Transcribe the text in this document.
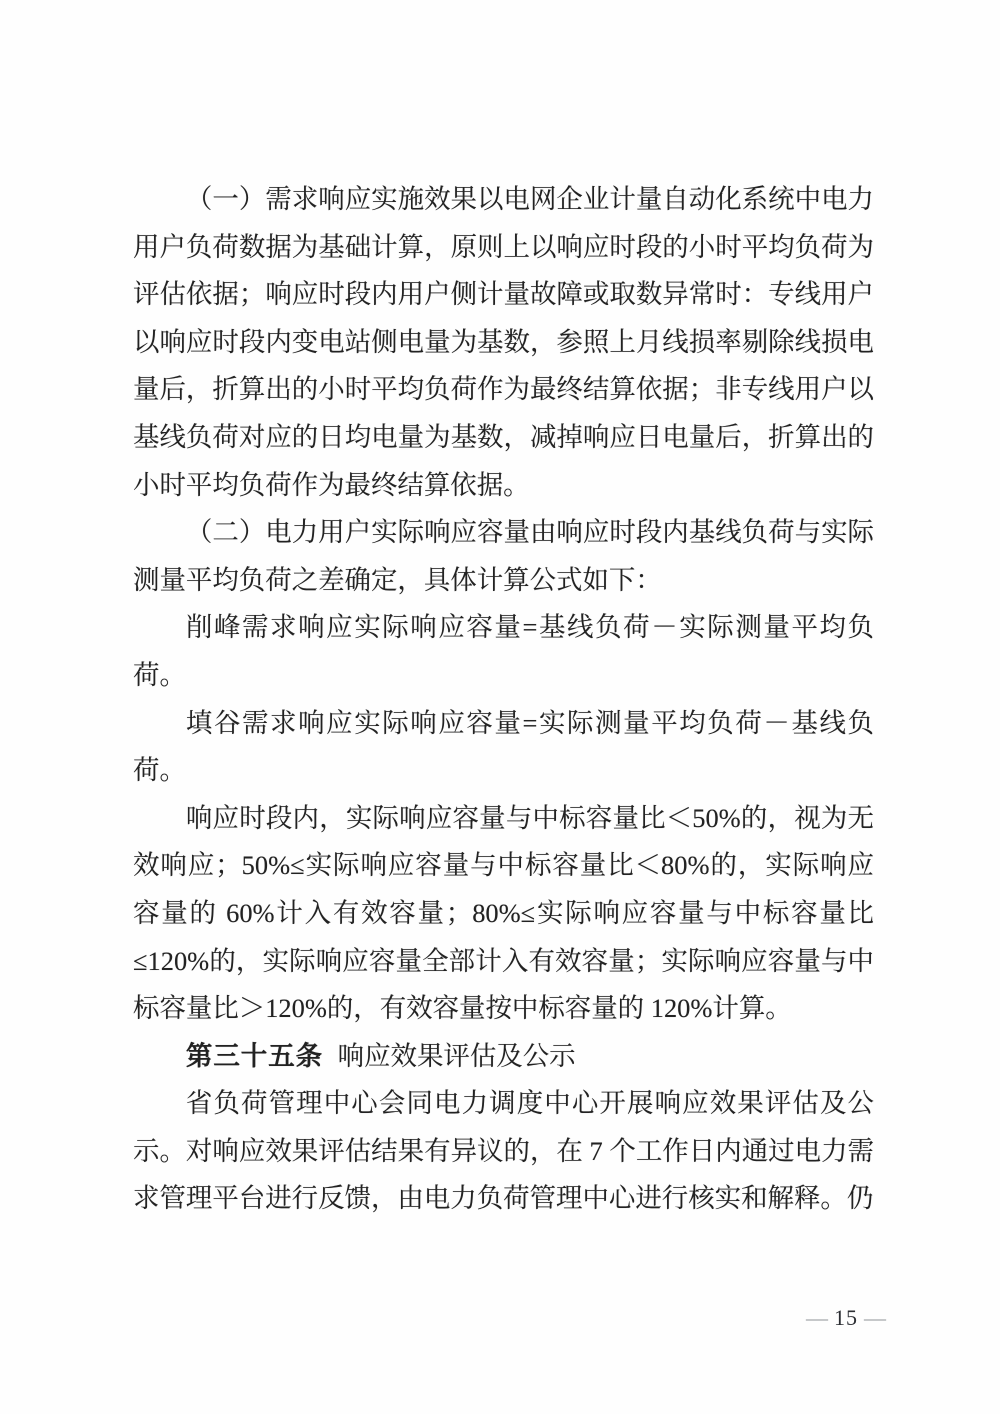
（一）需求响应实施效果以电网企业计量自动化系统中电力用户负荷数据为基础计算，原则上以响应时段的小时平均负荷为评估依据；响应时段内用户侧计量故障或取数异常时：专线用户以响应时段内变电站侧电量为基数，参照上月线损率剔除线损电量后，折算出的小时平均负荷作为最终结算依据；非专线用户以基线负荷对应的日均电量为基数，减掉响应日电量后，折算出的小时平均负荷作为最终结算依据。

（二）电力用户实际响应容量由响应时段内基线负荷与实际测量平均负荷之差确定，具体计算公式如下：

削峰需求响应实际响应容量=基线负荷－实际测量平均负荷。

填谷需求响应实际响应容量=实际测量平均负荷－基线负荷。

响应时段内，实际响应容量与中标容量比＜50%的，视为无效响应；50%≤实际响应容量与中标容量比＜80%的，实际响应容量的 60%计入有效容量；80%≤实际响应容量与中标容量比≤120%的，实际响应容量全部计入有效容量；实际响应容量与中标容量比＞120%的，有效容量按中标容量的 120%计算。

第三十五条 响应效果评估及公示

省负荷管理中心会同电力调度中心开展响应效果评估及公示。对响应效果评估结果有异议的，在 7 个工作日内通过电力需求管理平台进行反馈，由电力负荷管理中心进行核实和解释。仍

— 15 —
